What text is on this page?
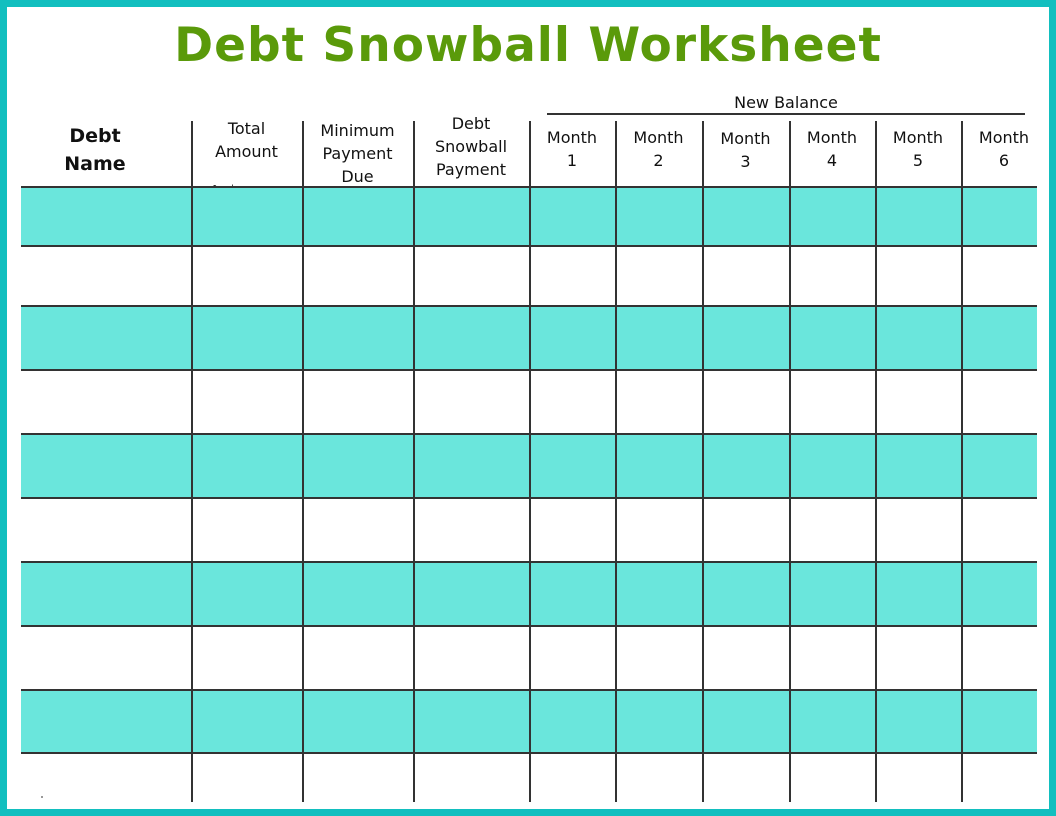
Debt Snowball Worksheet
New Balance
Debt
Name
Total
Amount
Minimum
Payment
Due
Debt
Snowball
Payment
Month
1
Month
2
Month
3
Month
4
Month
5
Month
6
